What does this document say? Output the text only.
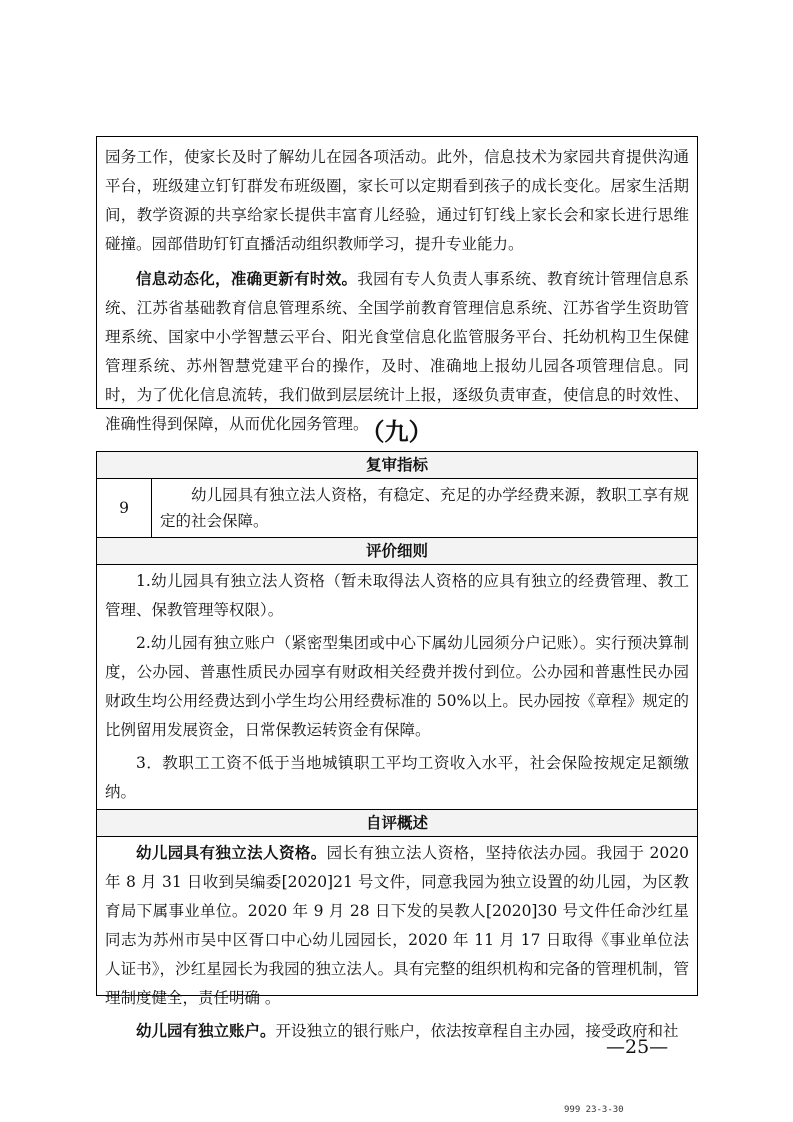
园务工作，使家长及时了解幼儿在园各项活动。此外，信息技术为家园共育提供沟通平台，班级建立钉钉群发布班级圈，家长可以定期看到孩子的成长变化。居家生活期间，教学资源的共享给家长提供丰富育儿经验，通过钉钉线上家长会和家长进行思维碰撞。园部借助钉钉直播活动组织教师学习，提升专业能力。

信息动态化，准确更新有时效。我园有专人负责人事系统、教育统计管理信息系统、江苏省基础教育信息管理系统、全国学前教育管理信息系统、江苏省学生资助管理系统、国家中小学智慧云平台、阳光食堂信息化监管服务平台、托幼机构卫生保健管理系统、苏州智慧党建平台的操作，及时、准确地上报幼儿园各项管理信息。同时，为了优化信息流转，我们做到层层统计上报，逐级负责审查，使信息的时效性、准确性得到保障，从而优化园务管理。

（九）
复审指标
9
幼儿园具有独立法人资格，有稳定、充足的办学经费来源，教职工享有规定的社会保障。
评价细则

1.幼儿园具有独立法人资格（暂未取得法人资格的应具有独立的经费管理、教工管理、保教管理等权限）。

2.幼儿园有独立账户（紧密型集团或中心下属幼儿园须分户记账）。实行预决算制度，公办园、普惠性质民办园享有财政相关经费并拨付到位。公办园和普惠性民办园财政生均公用经费达到小学生均公用经费标准的 50%以上。民办园按《章程》规定的比例留用发展资金，日常保教运转资金有保障。

3．教职工工资不低于当地城镇职工平均工资收入水平，社会保险按规定足额缴纳。

自评概述

幼儿园具有独立法人资格。园长有独立法人资格，坚持依法办园。我园于 2020 年 8 月 31 日收到吴编委[2020]21 号文件，同意我园为独立设置的幼儿园，为区教育局下属事业单位。2020 年 9 月 28 日下发的吴教人[2020]30 号文件任命沙红星同志为苏州市吴中区胥口中心幼儿园园长，2020 年 11 月 17 日取得《事业单位法人证书》，沙红星园长为我园的独立法人。具有完整的组织机构和完备的管理机制，管理制度健全，责任明确 。

幼儿园有独立账户。开设独立的银行账户，依法按章程自主办园，接受政府和社

—25—
999 23-3-30
